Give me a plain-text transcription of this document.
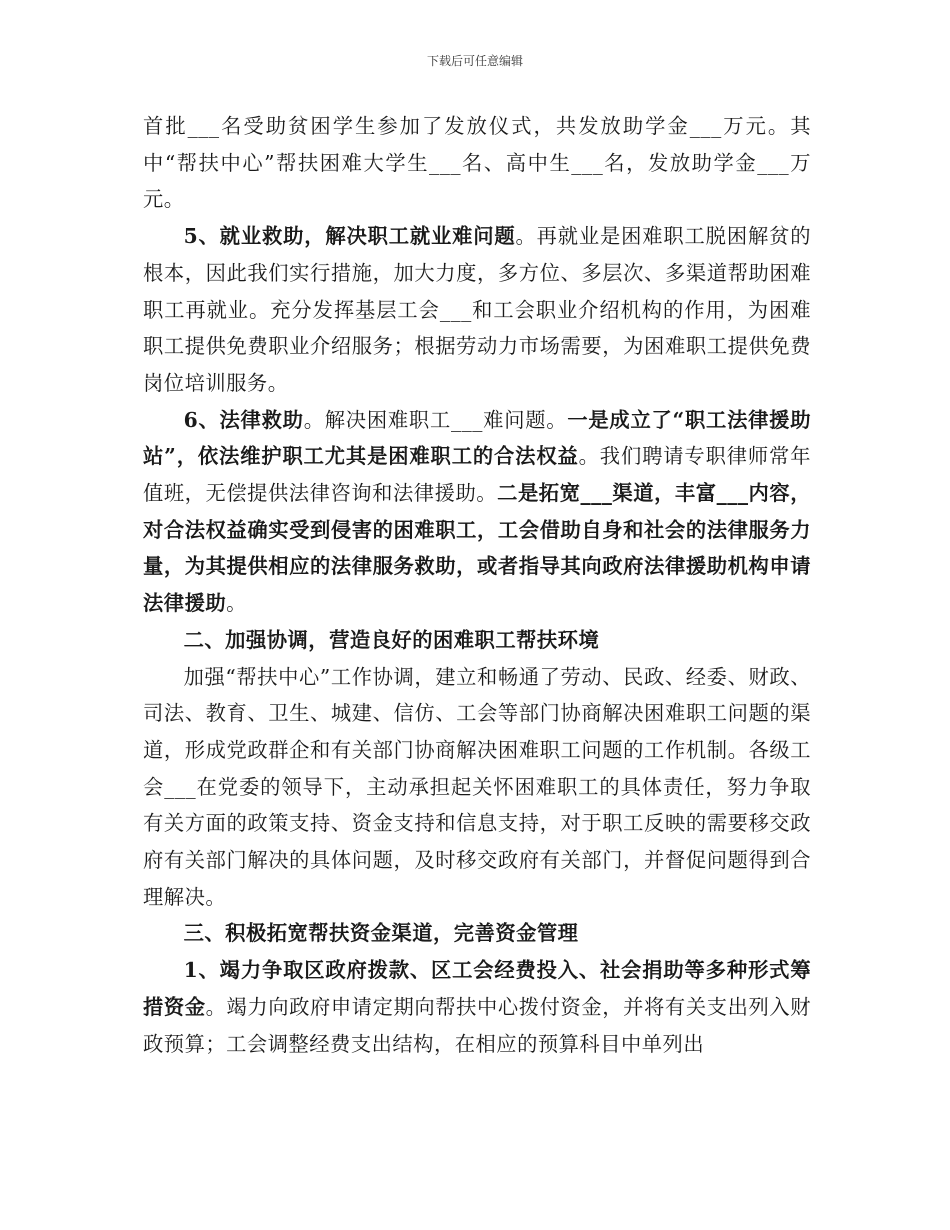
下载后可任意编辑

首批___名受助贫困学生参加了发放仪式，共发放助学金___万元。其中“帮扶中心”帮扶困难大学生___名、高中生___名，发放助学金___万元。

5、就业救助，解决职工就业难问题。再就业是困难职工脱困解贫的根本，因此我们实行措施，加大力度，多方位、多层次、多渠道帮助困难职工再就业。充分发挥基层工会___和工会职业介绍机构的作用，为困难职工提供免费职业介绍服务；根据劳动力市场需要，为困难职工提供免费岗位培训服务。

6、法律救助。解决困难职工___难问题。一是成立了“职工法律援助站”，依法维护职工尤其是困难职工的合法权益。我们聘请专职律师常年值班，无偿提供法律咨询和法律援助。二是拓宽___渠道，丰富___内容，对合法权益确实受到侵害的困难职工，工会借助自身和社会的法律服务力量，为其提供相应的法律服务救助，或者指导其向政府法律援助机构申请法律援助。

二、加强协调，营造良好的困难职工帮扶环境

加强“帮扶中心”工作协调，建立和畅通了劳动、民政、经委、财政、司法、教育、卫生、城建、信仿、工会等部门协商解决困难职工问题的渠道，形成党政群企和有关部门协商解决困难职工问题的工作机制。各级工会___在党委的领导下，主动承担起关怀困难职工的具体责任，努力争取有关方面的政策支持、资金支持和信息支持，对于职工反映的需要移交政府有关部门解决的具体问题，及时移交政府有关部门，并督促问题得到合理解决。

三、积极拓宽帮扶资金渠道，完善资金管理

1、竭力争取区政府拨款、区工会经费投入、社会捐助等多种形式筹措资金。竭力向政府申请定期向帮扶中心拨付资金，并将有关支出列入财政预算；工会调整经费支出结构，在相应的预算科目中单列出
